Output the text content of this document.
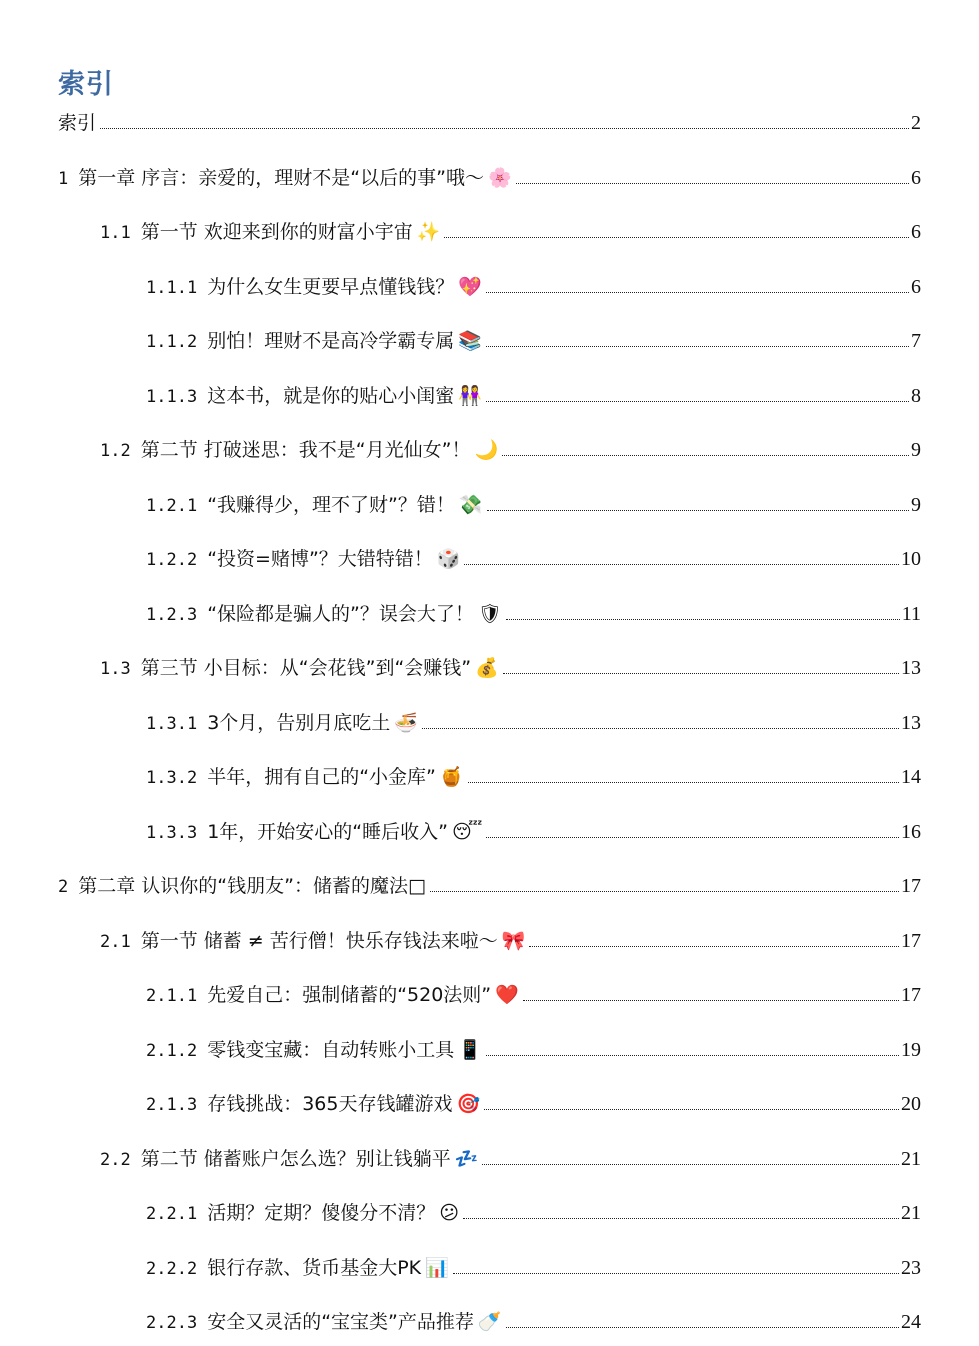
索引
索引	2
1 第一章 序言：亲爱的，理财不是“以后的事”哦～ 🌸	6
1.1 第一节 欢迎来到你的财富小宇宙 ✨	6
1.1.1 为什么女生更要早点懂钱钱？ 💖	6
1.1.2 别怕！理财不是高冷学霸专属 📚	7
1.1.3 这本书，就是你的贴心小闺蜜 👭	8
1.2 第二节 打破迷思：我不是“月光仙女”！ 🌙	9
1.2.1 “我赚得少，理不了财”？错！ 💸	9
1.2.2 “投资=赌博”？大错特错！ 🎲	10
1.2.3 “保险都是骗人的”？误会大了！ 🛡	11
1.3 第三节 小目标：从“会花钱”到“会赚钱” 💰	13
1.3.1 3个月，告别月底吃土 🍜	13
1.3.2 半年，拥有自己的“小金库” 🍯	14
1.3.3 1年，开始安心的“睡后收入” 😴	16
2 第二章 认识你的“钱朋友”：储蓄的魔法□	17
2.1 第一节 储蓄 ≠ 苦行僧！快乐存钱法来啦～ 🎀	17
2.1.1 先爱自己：强制储蓄的“520法则” ❤️	17
2.1.2 零钱变宝藏：自动转账小工具 📱	19
2.1.3 存钱挑战：365天存钱罐游戏 🎯	20
2.2 第二节 储蓄账户怎么选？别让钱躺平 💤	21
2.2.1 活期？定期？傻傻分不清？ 😕	21
2.2.2 银行存款、货币基金大PK 📊	23
2.2.3 安全又灵活的“宝宝类”产品推荐 🍼	24
